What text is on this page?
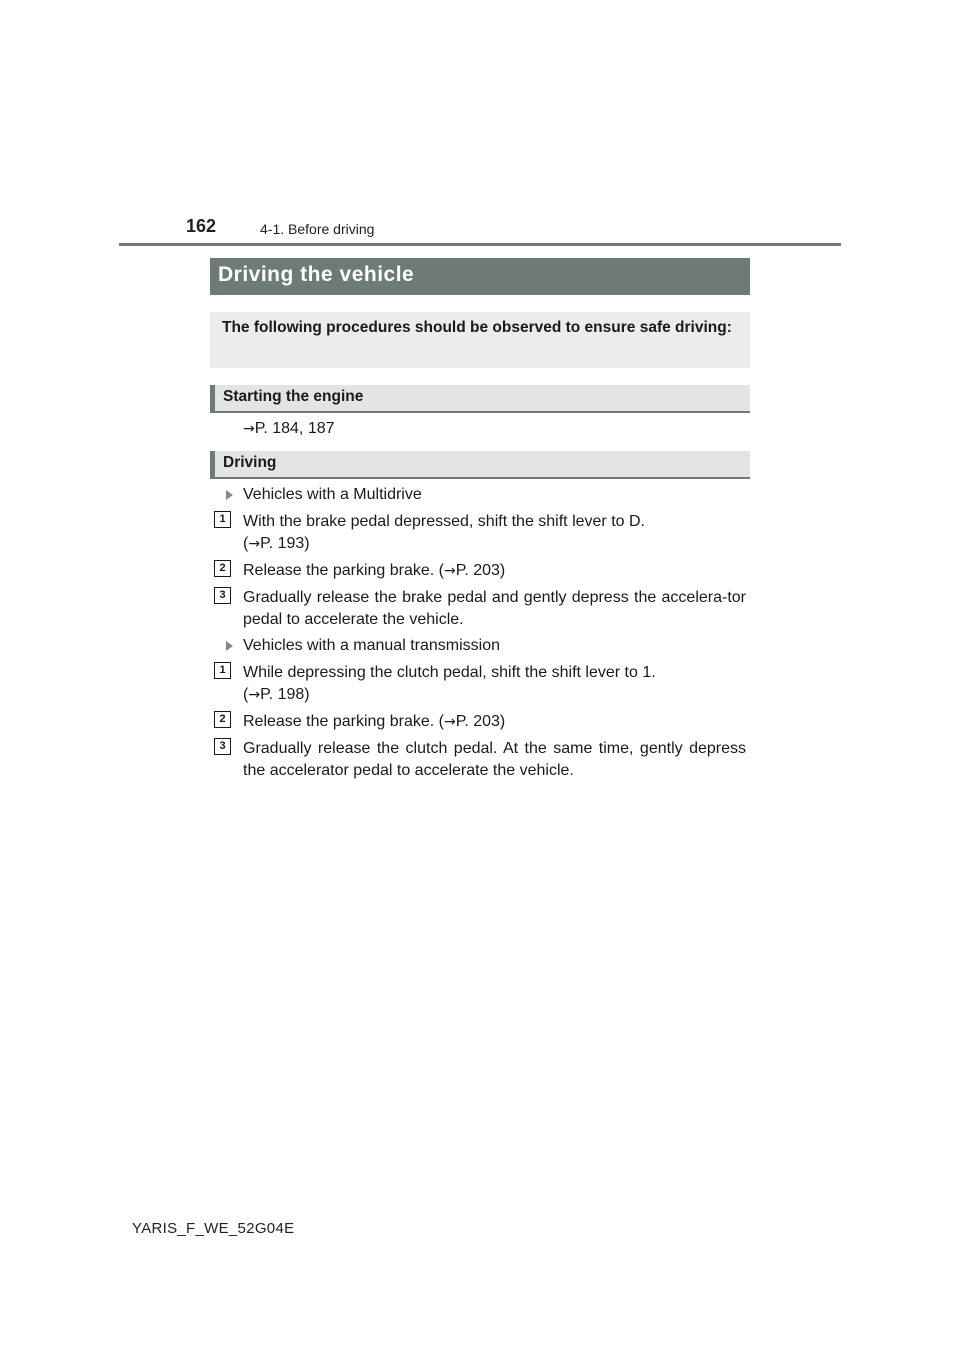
162	4-1. Before driving
Driving the vehicle
The following procedures should be observed to ensure safe driving:
Starting the engine
→P. 184, 187
Driving
Vehicles with a Multidrive
1	With the brake pedal depressed, shift the shift lever to D.
(→P. 193)
2	Release the parking brake. (→P. 203)
3	Gradually release the brake pedal and gently depress the accelera-tor pedal to accelerate the vehicle.
Vehicles with a manual transmission
1	While depressing the clutch pedal, shift the shift lever to 1.
(→P. 198)
2	Release the parking brake. (→P. 203)
3	Gradually release the clutch pedal. At the same time, gently depress the accelerator pedal to accelerate the vehicle.
YARIS_F_WE_52G04E
